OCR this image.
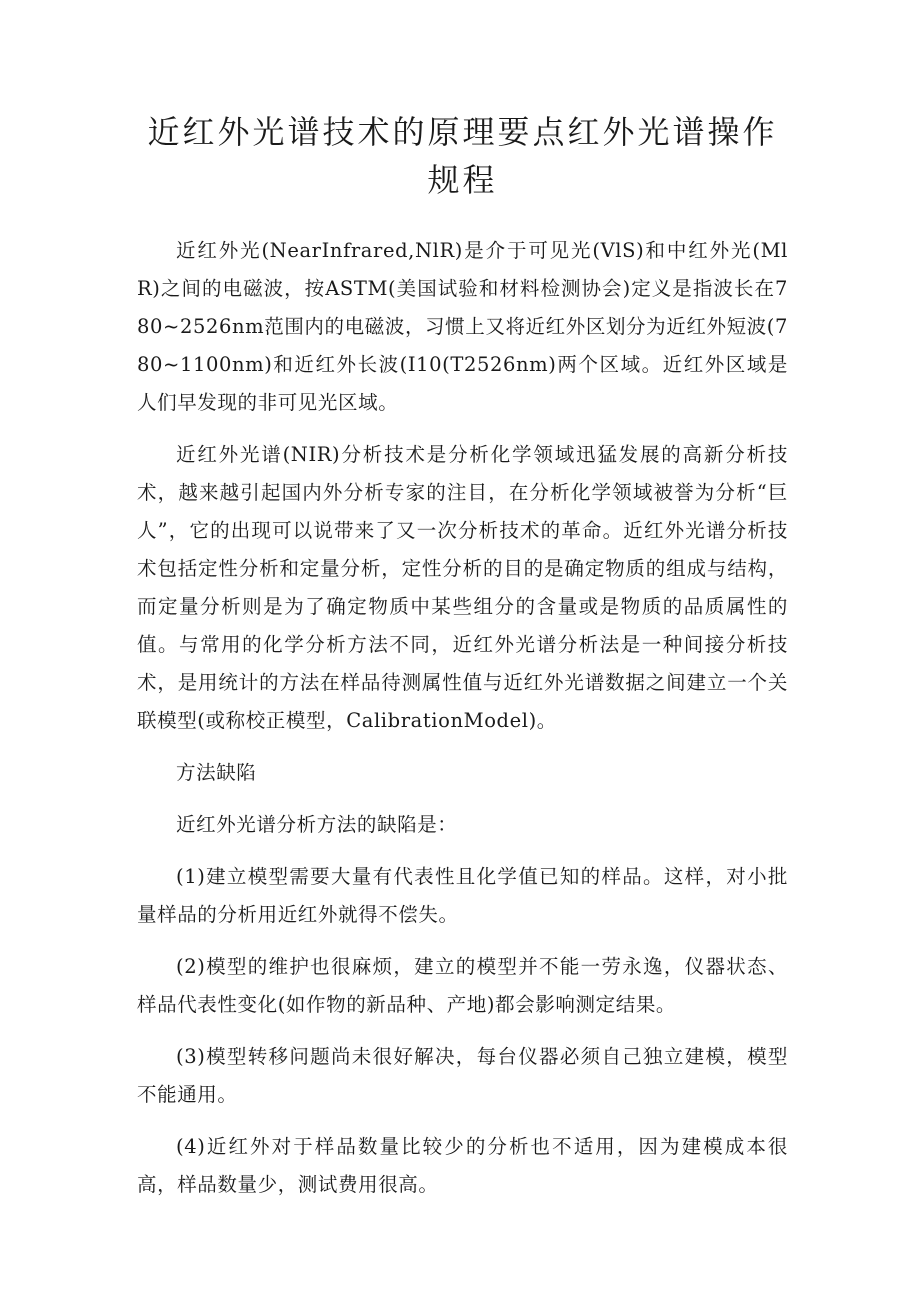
近红外光谱技术的原理要点红外光谱操作规程

近红外光(NearInfrared,NlR)是介于可见光(VlS)和中红外光(MlR)之间的电磁波，按ASTM(美国试验和材料检测协会)定义是指波长在780~2526nm范围内的电磁波，习惯上又将近红外区划分为近红外短波(780~1100nm)和近红外长波(I10(T2526nm)两个区域。近红外区域是人们早发现的非可见光区域。

近红外光谱(NIR)分析技术是分析化学领域迅猛发展的高新分析技术，越来越引起国内外分析专家的注目，在分析化学领域被誉为分析“巨人”，它的出现可以说带来了又一次分析技术的革命。近红外光谱分析技术包括定性分析和定量分析，定性分析的目的是确定物质的组成与结构，而定量分析则是为了确定物质中某些组分的含量或是物质的品质属性的值。与常用的化学分析方法不同，近红外光谱分析法是一种间接分析技术，是用统计的方法在样品待测属性值与近红外光谱数据之间建立一个关联模型(或称校正模型，CalibrationModel)。

方法缺陷

近红外光谱分析方法的缺陷是：

(1)建立模型需要大量有代表性且化学值已知的样品。这样，对小批量样品的分析用近红外就得不偿失。

(2)模型的维护也很麻烦，建立的模型并不能一劳永逸，仪器状态、样品代表性变化(如作物的新品种、产地)都会影响测定结果。

(3)模型转移问题尚未很好解决，每台仪器必须自己独立建模，模型不能通用。

(4)近红外对于样品数量比较少的分析也不适用，因为建模成本很高，样品数量少，测试费用很高。
